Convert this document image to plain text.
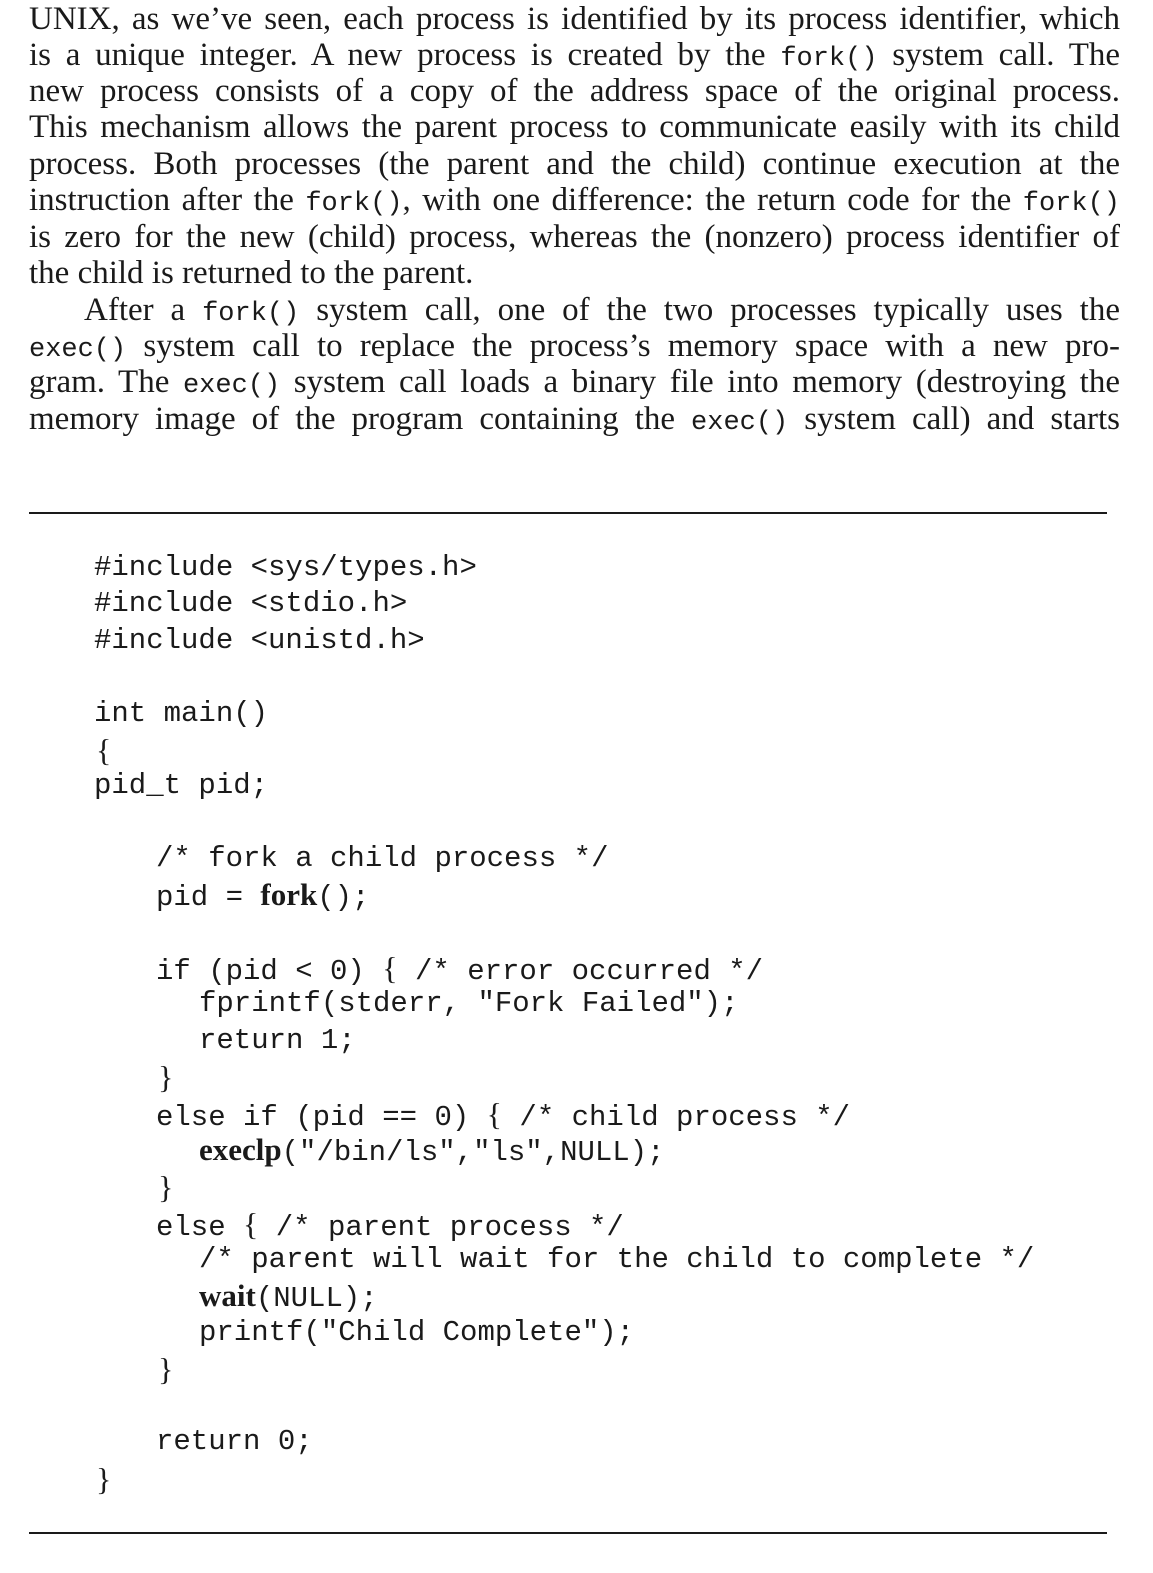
UNIX, as we’ve seen, each process is identified by its process identifier, which
is a unique integer. A new process is created by the fork() system call. The
new process consists of a copy of the address space of the original process.
This mechanism allows the parent process to communicate easily with its child
process. Both processes (the parent and the child) continue execution at the
instruction after the fork(), with one difference: the return code for the fork()
is zero for the new (child) process, whereas the (nonzero) process identifier of
the child is returned to the parent.
After a fork() system call, one of the two processes typically uses the
exec() system call to replace the process’s memory space with a new pro-
gram. The exec() system call loads a binary file into memory (destroying the
memory image of the program containing the exec() system call) and starts
#include <sys/types.h>
#include <stdio.h>
#include <unistd.h>
int main()
{
pid_t pid;
/* fork a child process */
pid = fork();
if (pid < 0) { /* error occurred */
fprintf(stderr, "Fork Failed");
return 1;
}
else if (pid == 0) { /* child process */
execlp("/bin/ls","ls",NULL);
}
else { /* parent process */
/* parent will wait for the child to complete */
wait(NULL);
printf("Child Complete");
}
return 0;
}
